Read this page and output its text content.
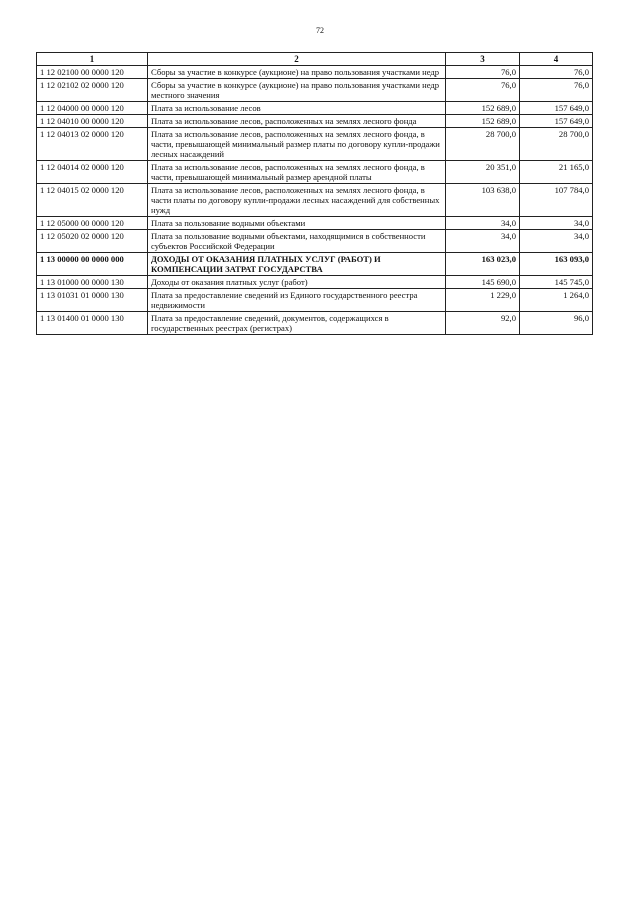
72
1	2	3	4
1 12 02100 00 0000 120	Сборы за участие в конкурсе (аукционе) на право пользования участками недр	76,0	76,0
1 12 02102 02 0000 120	Сборы за участие в конкурсе (аукционе) на право пользования участками недр местного значения	76,0	76,0
1 12 04000 00 0000 120	Плата за использование лесов	152 689,0	157 649,0
1 12 04010 00 0000 120	Плата за использование лесов, расположенных на землях лесного фонда	152 689,0	157 649,0
1 12 04013 02 0000 120	Плата за использование лесов, расположенных на землях лесного фонда, в части, превышающей минимальный размер платы по договору купли-продажи лесных насаждений	28 700,0	28 700,0
1 12 04014 02 0000 120	Плата за использование лесов, расположенных на землях лесного фонда, в части, превышающей минимальный размер арендной платы	20 351,0	21 165,0
1 12 04015 02 0000 120	Плата за использование лесов, расположенных на землях лесного фонда, в части платы по договору купли-продажи лесных насаждений для собственных нужд	103 638,0	107 784,0
1 12 05000 00 0000 120	Плата за пользование водными объектами	34,0	34,0
1 12 05020 02 0000 120	Плата за пользование водными объектами, находящимися в собственности субъектов Российской Федерации	34,0	34,0
1 13 00000 00 0000 000	ДОХОДЫ ОТ ОКАЗАНИЯ ПЛАТНЫХ УСЛУГ (РАБОТ) И КОМПЕНСАЦИИ ЗАТРАТ ГОСУДАРСТВА	163 023,0	163 093,0
1 13 01000 00 0000 130	Доходы от оказания платных услуг (работ)	145 690,0	145 745,0
1 13 01031 01 0000 130	Плата за предоставление сведений из Единого государственного реестра недвижимости	1 229,0	1 264,0
1 13 01400 01 0000 130	Плата за предоставление сведений, документов, содержащихся в государственных реестрах (регистрах)	92,0	96,0
